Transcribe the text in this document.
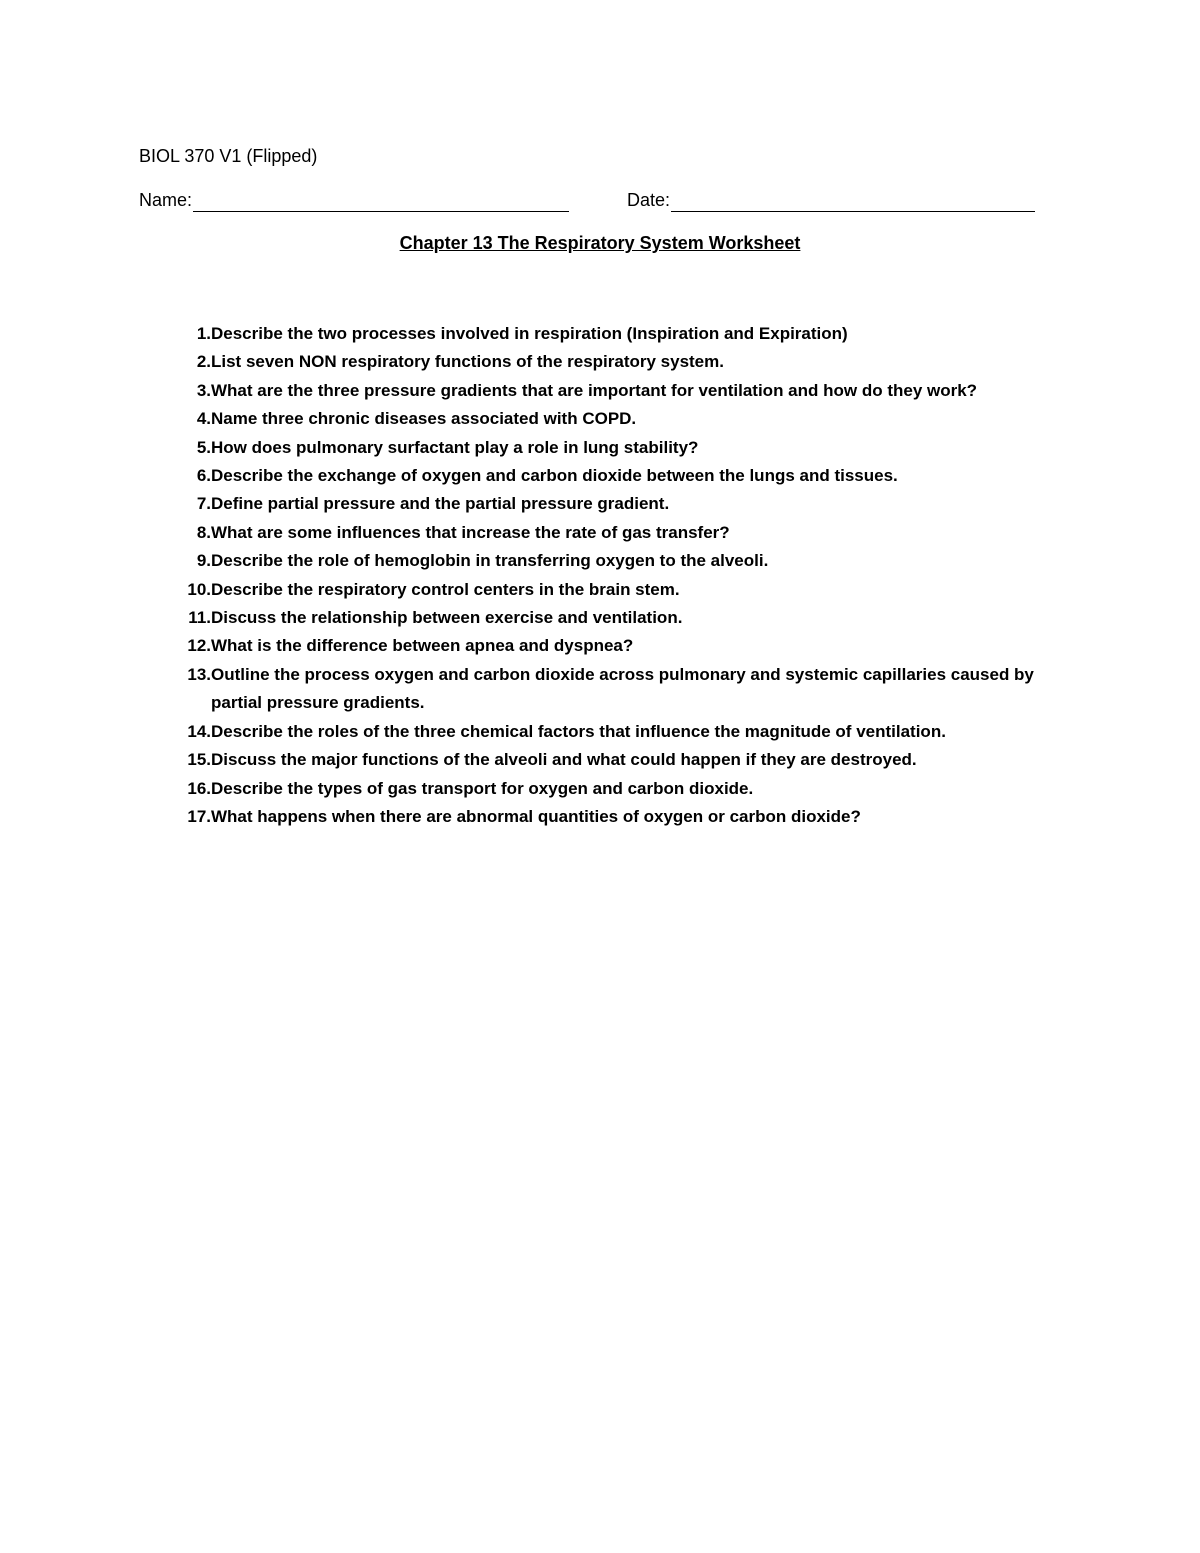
BIOL 370 V1 (Flipped)
Name:	Date:
Chapter 13 The Respiratory System Worksheet
1. Describe the two processes involved in respiration (Inspiration and Expiration)
2. List seven NON respiratory functions of the respiratory system.
3. What are the three pressure gradients that are important for ventilation and how do they work?
4. Name three chronic diseases associated with COPD.
5. How does pulmonary surfactant play a role in lung stability?
6. Describe the exchange of oxygen and carbon dioxide between the lungs and tissues.
7. Define partial pressure and the partial pressure gradient.
8. What are some influences that increase the rate of gas transfer?
9. Describe the role of hemoglobin in transferring oxygen to the alveoli.
10. Describe the respiratory control centers in the brain stem.
11. Discuss the relationship between exercise and ventilation.
12. What is the difference between apnea and dyspnea?
13. Outline the process oxygen and carbon dioxide across pulmonary and systemic capillaries caused by partial pressure gradients.
14. Describe the roles of the three chemical factors that influence the magnitude of ventilation.
15. Discuss the major functions of the alveoli and what could happen if they are destroyed.
16. Describe the types of gas transport for oxygen and carbon dioxide.
17. What happens when there are abnormal quantities of oxygen or carbon dioxide?
